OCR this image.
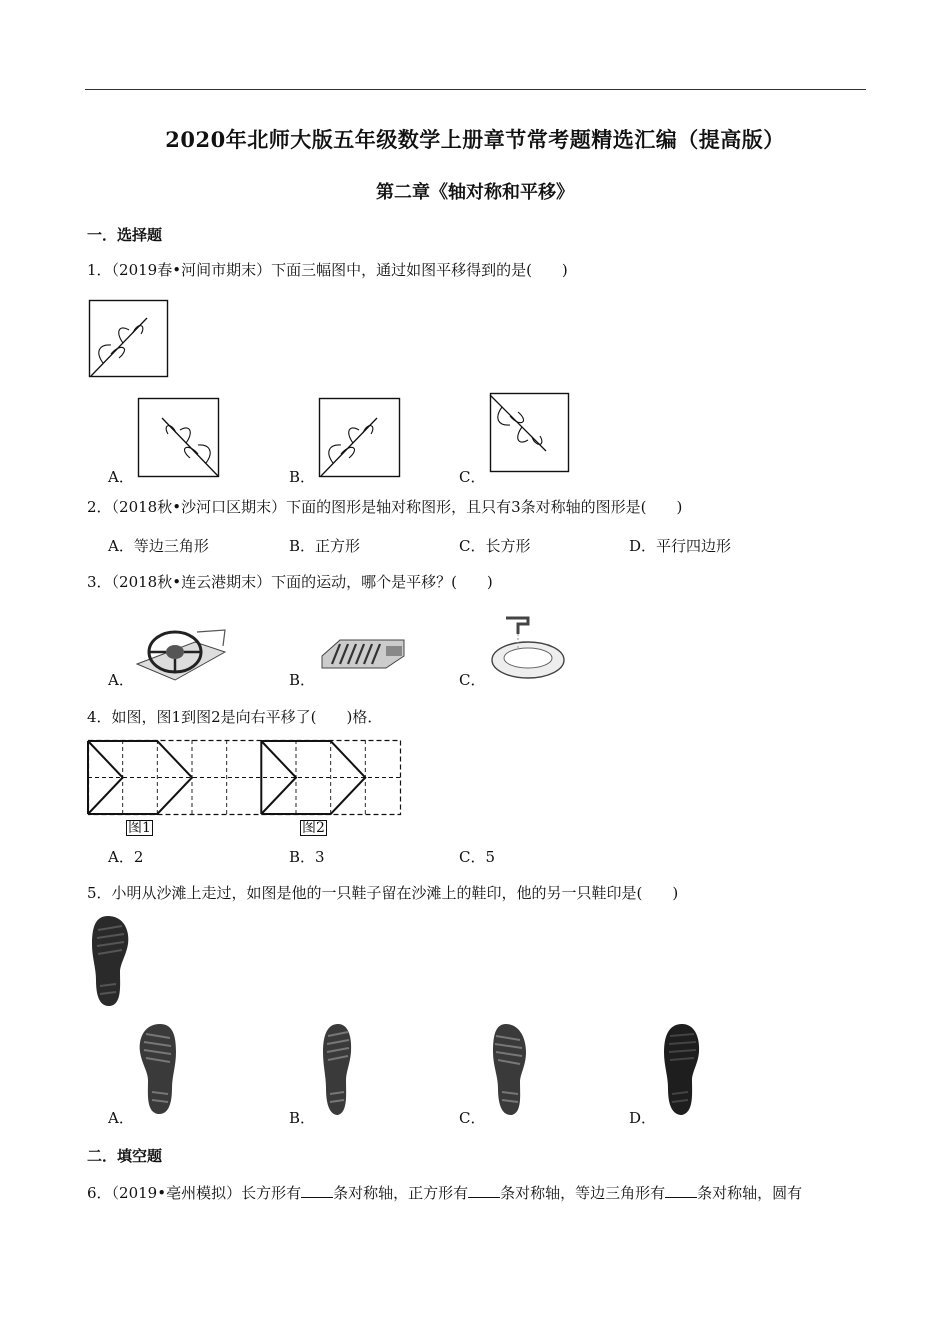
2020年北师大版五年级数学上册章节常考题精选汇编（提高版）
第二章《轴对称和平移》
一．选择题
1．（2019春•河间市期末）下面三幅图中，通过如图平移得到的是(　　)
A．	B．	C．
2．（2018秋•沙河口区期末）下面的图形是轴对称图形，且只有3条对称轴的图形是(　　)
A．等边三角形	B．正方形	C．长方形	D．平行四边形
3．（2018秋•连云港期末）下面的运动，哪个是平移？(　　)
A．	B．	C．
4．如图，图1到图2是向右平移了(　　)格．
图1	图2
A．2	B．3	C．5
5．小明从沙滩上走过，如图是他的一只鞋子留在沙滩上的鞋印，他的另一只鞋印是(　　)
A．	B．	C．	D．
二．填空题
6．（2019•亳州模拟）长方形有 条对称轴，正方形有 条对称轴，等边三角形有 条对称轴，圆有
